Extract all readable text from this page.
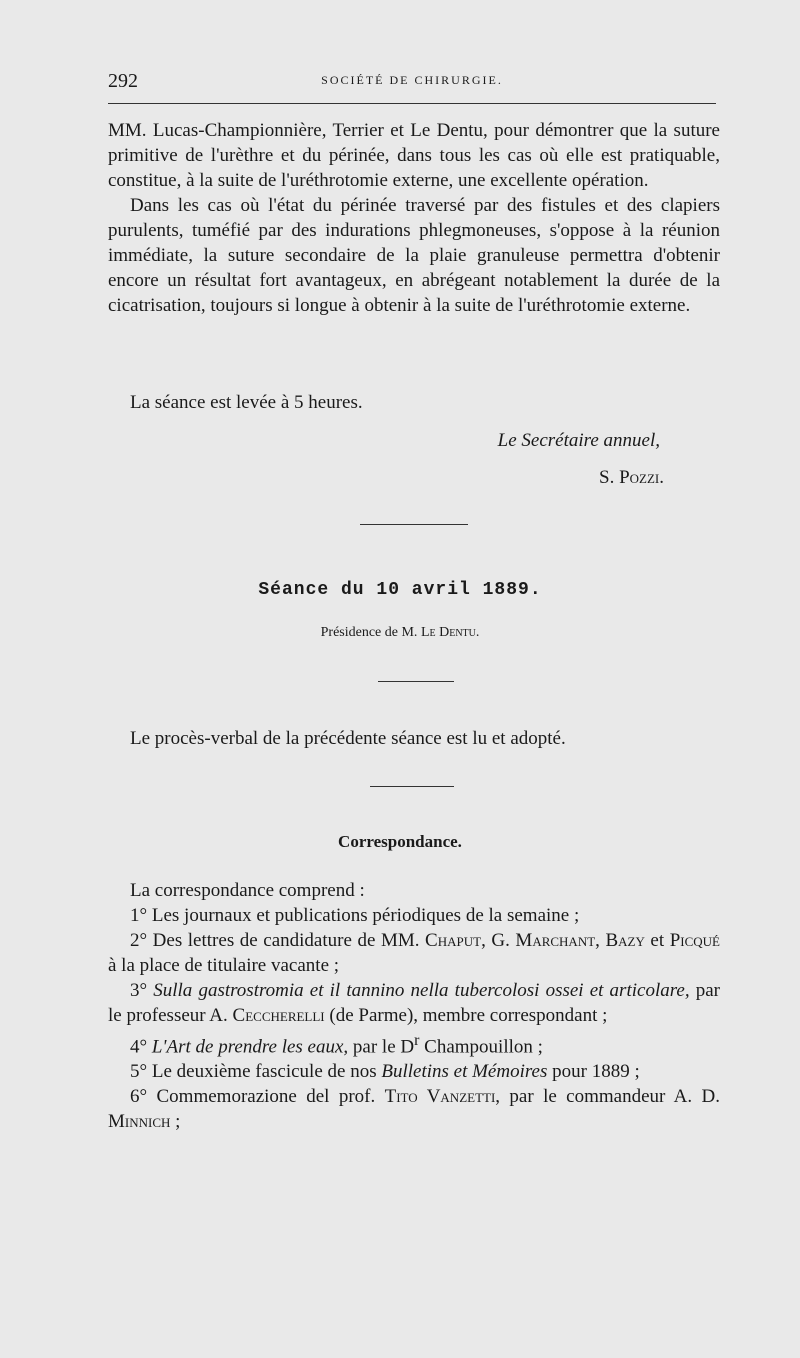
292	SOCIÉTÉ DE CHIRURGIE.

MM. Lucas-Championnière, Terrier et Le Dentu, pour démontrer que la suture primitive de l'urèthre et du périnée, dans tous les cas où elle est pratiquable, constitue, à la suite de l'uréthrotomie externe, une excellente opération.

Dans les cas où l'état du périnée traversé par des fistules et des clapiers purulents, tuméfié par des indurations phlegmoneuses, s'oppose à la réunion immédiate, la suture secondaire de la plaie granuleuse permettra d'obtenir encore un résultat fort avantageux, en abrégeant notablement la durée de la cicatrisation, toujours si longue à obtenir à la suite de l'uréthrotomie externe.

La séance est levée à 5 heures.

Le Secrétaire annuel,

S. Pozzi.

Séance du 10 avril 1889.
Présidence de M. Le Dentu.

Le procès-verbal de la précédente séance est lu et adopté.

Correspondance.

La correspondance comprend :

1° Les journaux et publications périodiques de la semaine ;

2° Des lettres de candidature de MM. Chaput, G. Marchant, Bazy et Picqué à la place de titulaire vacante ;

3° Sulla gastrostromia et il tannino nella tubercolosi ossei et articolare, par le professeur A. Ceccherelli (de Parme), membre correspondant ;

4° L'Art de prendre les eaux, par le $D^r$ Champouillon ;

5° Le deuxième fascicule de nos Bulletins et Mémoires pour 1889 ;

6° Commemorazione del prof. Tito Vanzetti, par le commandeur A. D. Minnich ;
